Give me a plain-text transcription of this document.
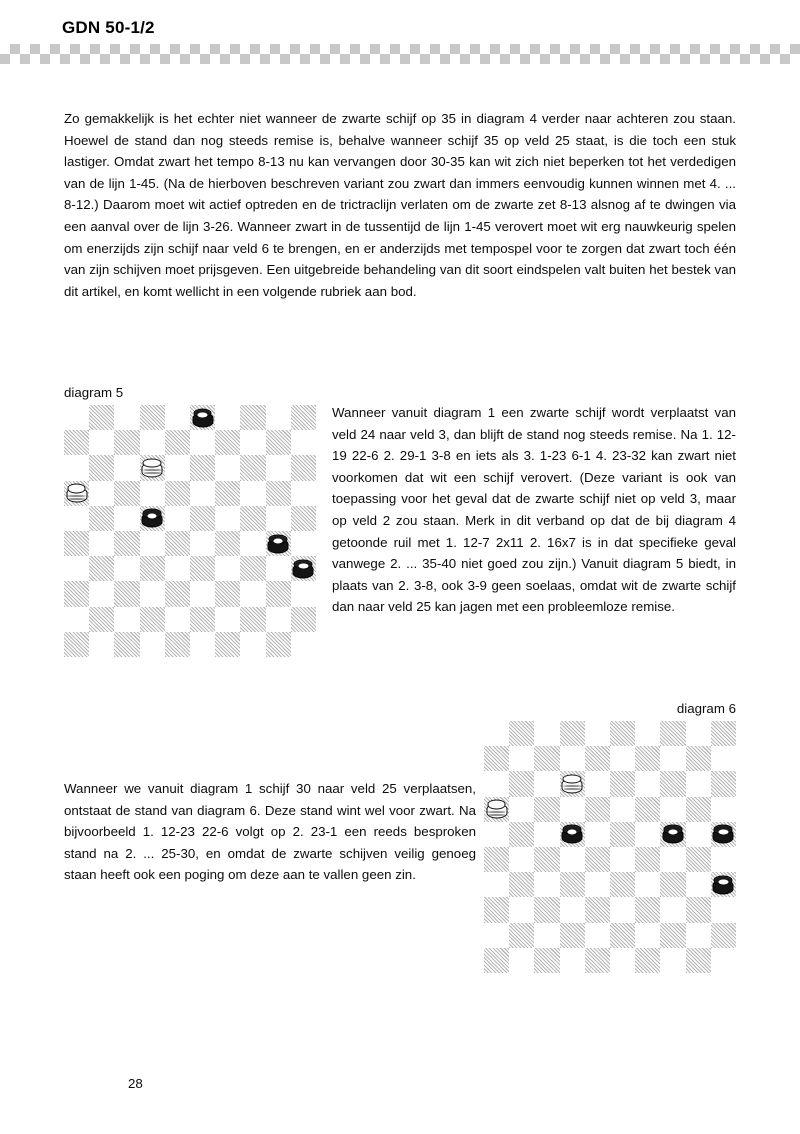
GDN 50-1/2
Zo gemakkelijk is het echter niet wanneer de zwarte schijf op 35 in diagram 4 verder naar achteren zou staan. Hoewel de stand dan nog steeds remise is, behalve wanneer schijf 35 op veld 25 staat, is die toch een stuk lastiger. Omdat zwart het tempo 8-13 nu kan vervangen door 30-35 kan wit zich niet beperken tot het verdedigen van de lijn 1-45. (Na de hierboven beschreven variant zou zwart dan immers eenvoudig kunnen winnen met 4. ... 8-12.) Daarom moet wit actief optreden en de trictraclijn verlaten om de zwarte zet 8-13 alsnog af te dwingen via een aanval over de lijn 3-26. Wanneer zwart in de tussentijd de lijn 1-45 verovert moet wit erg nauwkeurig spelen om enerzijds zijn schijf naar veld 6 te brengen, en er anderzijds met tempospel voor te zorgen dat zwart toch één van zijn schijven moet prijsgeven. Een uitgebreide behandeling van dit soort eindspelen valt buiten het bestek van dit artikel, en komt wellicht in een volgende rubriek aan bod.
diagram 5
Wanneer vanuit diagram 1 een zwarte schijf wordt verplaatst van veld 24 naar veld 3, dan blijft de stand nog steeds remise. Na 1. 12-19 22-6 2. 29-1 3-8 en iets als 3. 1-23 6-1 4. 23-32 kan zwart niet voorkomen dat wit een schijf verovert. (Deze variant is ook van toepassing voor het geval dat de zwarte schijf niet op veld 3, maar op veld 2 zou staan. Merk in dit verband op dat de bij diagram 4 getoonde ruil met 1. 12-7 2x11 2. 16x7 is in dat specifieke geval vanwege 2. ... 35-40 niet goed zou zijn.) Vanuit diagram 5 biedt, in plaats van 2. 3-8, ook 3-9 geen soelaas, omdat wit de zwarte schijf dan naar veld 25 kan jagen met een probleemloze remise.
diagram 6
Wanneer we vanuit diagram 1 schijf 30 naar veld 25 verplaatsen, ontstaat de stand van diagram 6. Deze stand wint wel voor zwart. Na bijvoorbeeld 1. 12-23 22-6 volgt op 2. 23-1 een reeds besproken stand na 2. ... 25-30, en omdat de zwarte schijven veilig genoeg staan heeft ook een poging om deze aan te vallen geen zin.
28
